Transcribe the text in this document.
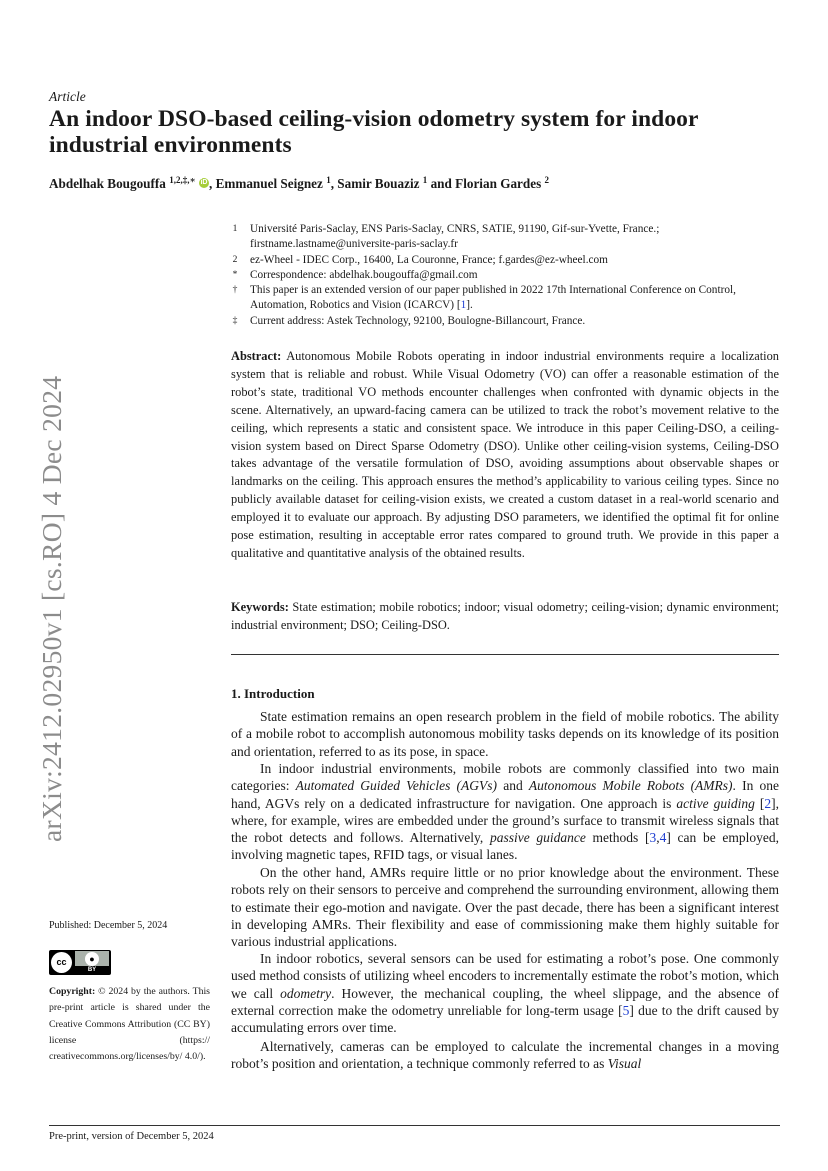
Article
An indoor DSO-based ceiling-vision odometry system for indoor industrial environments
Abdelhak Bougouffa $^{1,2,\ddagger,∗}$ iD , Emmanuel Seignez $^1$, Samir Bouaziz $^1$ and Florian Gardes $^2$
1 Université Paris-Saclay, ENS Paris-Saclay, CNRS, SATIE, 91190, Gif-sur-Yvette, France.; firstname.lastname@universite-paris-saclay.fr
2 ez-Wheel - IDEC Corp., 16400, La Couronne, France; f.gardes@ez-wheel.com
* Correspondence: abdelhak.bougouffa@gmail.com
† This paper is an extended version of our paper published in 2022 17th International Conference on Control, Automation, Robotics and Vision (ICARCV) [1].
‡ Current address: Astek Technology, 92100, Boulogne-Billancourt, France.

Abstract: Autonomous Mobile Robots operating in indoor industrial environments require a localization system that is reliable and robust. While Visual Odometry (VO) can offer a reasonable estimation of the robot’s state, traditional VO methods encounter challenges when confronted with dynamic objects in the scene. Alternatively, an upward-facing camera can be utilized to track the robot’s movement relative to the ceiling, which represents a static and consistent space. We introduce in this paper Ceiling-DSO, a ceiling-vision system based on Direct Sparse Odometry (DSO). Unlike other ceiling-vision systems, Ceiling-DSO takes advantage of the versatile formulation of DSO, avoiding assumptions about observable shapes or landmarks on the ceiling. This approach ensures the method’s applicability to various ceiling types. Since no publicly available dataset for ceiling-vision exists, we created a custom dataset in a real-world scenario and employed it to evaluate our approach. By adjusting DSO parameters, we identified the optimal fit for online pose estimation, resulting in acceptable error rates compared to ground truth. We provide in this paper a qualitative and quantitative analysis of the obtained results.

Keywords: State estimation; mobile robotics; indoor; visual odometry; ceiling-vision; dynamic environment; industrial environment; DSO; Ceiling-DSO.

1. Introduction

State estimation remains an open research problem in the field of mobile robotics. The ability of a mobile robot to accomplish autonomous mobility tasks depends on its knowledge of its position and orientation, referred to as its pose, in space.

In indoor industrial environments, mobile robots are commonly classified into two main categories: Automated Guided Vehicles (AGVs) and Autonomous Mobile Robots (AMRs). In one hand, AGVs rely on a dedicated infrastructure for navigation. One approach is active guiding [2], where, for example, wires are embedded under the ground’s surface to transmit wireless signals that the robot detects and follows. Alternatively, passive guidance methods [3,4] can be employed, involving magnetic tapes, RFID tags, or visual lanes.

On the other hand, AMRs require little or no prior knowledge about the environment. These robots rely on their sensors to perceive and comprehend the surrounding environment, allowing them to estimate their ego-motion and navigate. Over the past decade, there has been a significant interest in developing AMRs. Their flexibility and ease of commissioning make them highly suitable for various industrial applications.

In indoor robotics, several sensors can be used for estimating a robot’s pose. One commonly used method consists of utilizing wheel encoders to incrementally estimate the robot’s motion, which we call odometry. However, the mechanical coupling, the wheel slippage, and the absence of external correction make the odometry unreliable for long-term usage [5] due to the drift caused by accumulating errors over time.

Alternatively, cameras can be employed to calculate the incremental changes in a moving robot’s position and orientation, a technique commonly referred to as Visual

arXiv:2412.02950v1 [cs.RO] 4 Dec 2024
Published: December 5, 2024
cc	●
BY

Copyright: © 2024 by the authors. This pre-print article is shared under the Creative Commons Attribution (CC BY) license (https:// creativecommons.org/licenses/by/ 4.0/).

Pre-print, version of December 5, 2024
